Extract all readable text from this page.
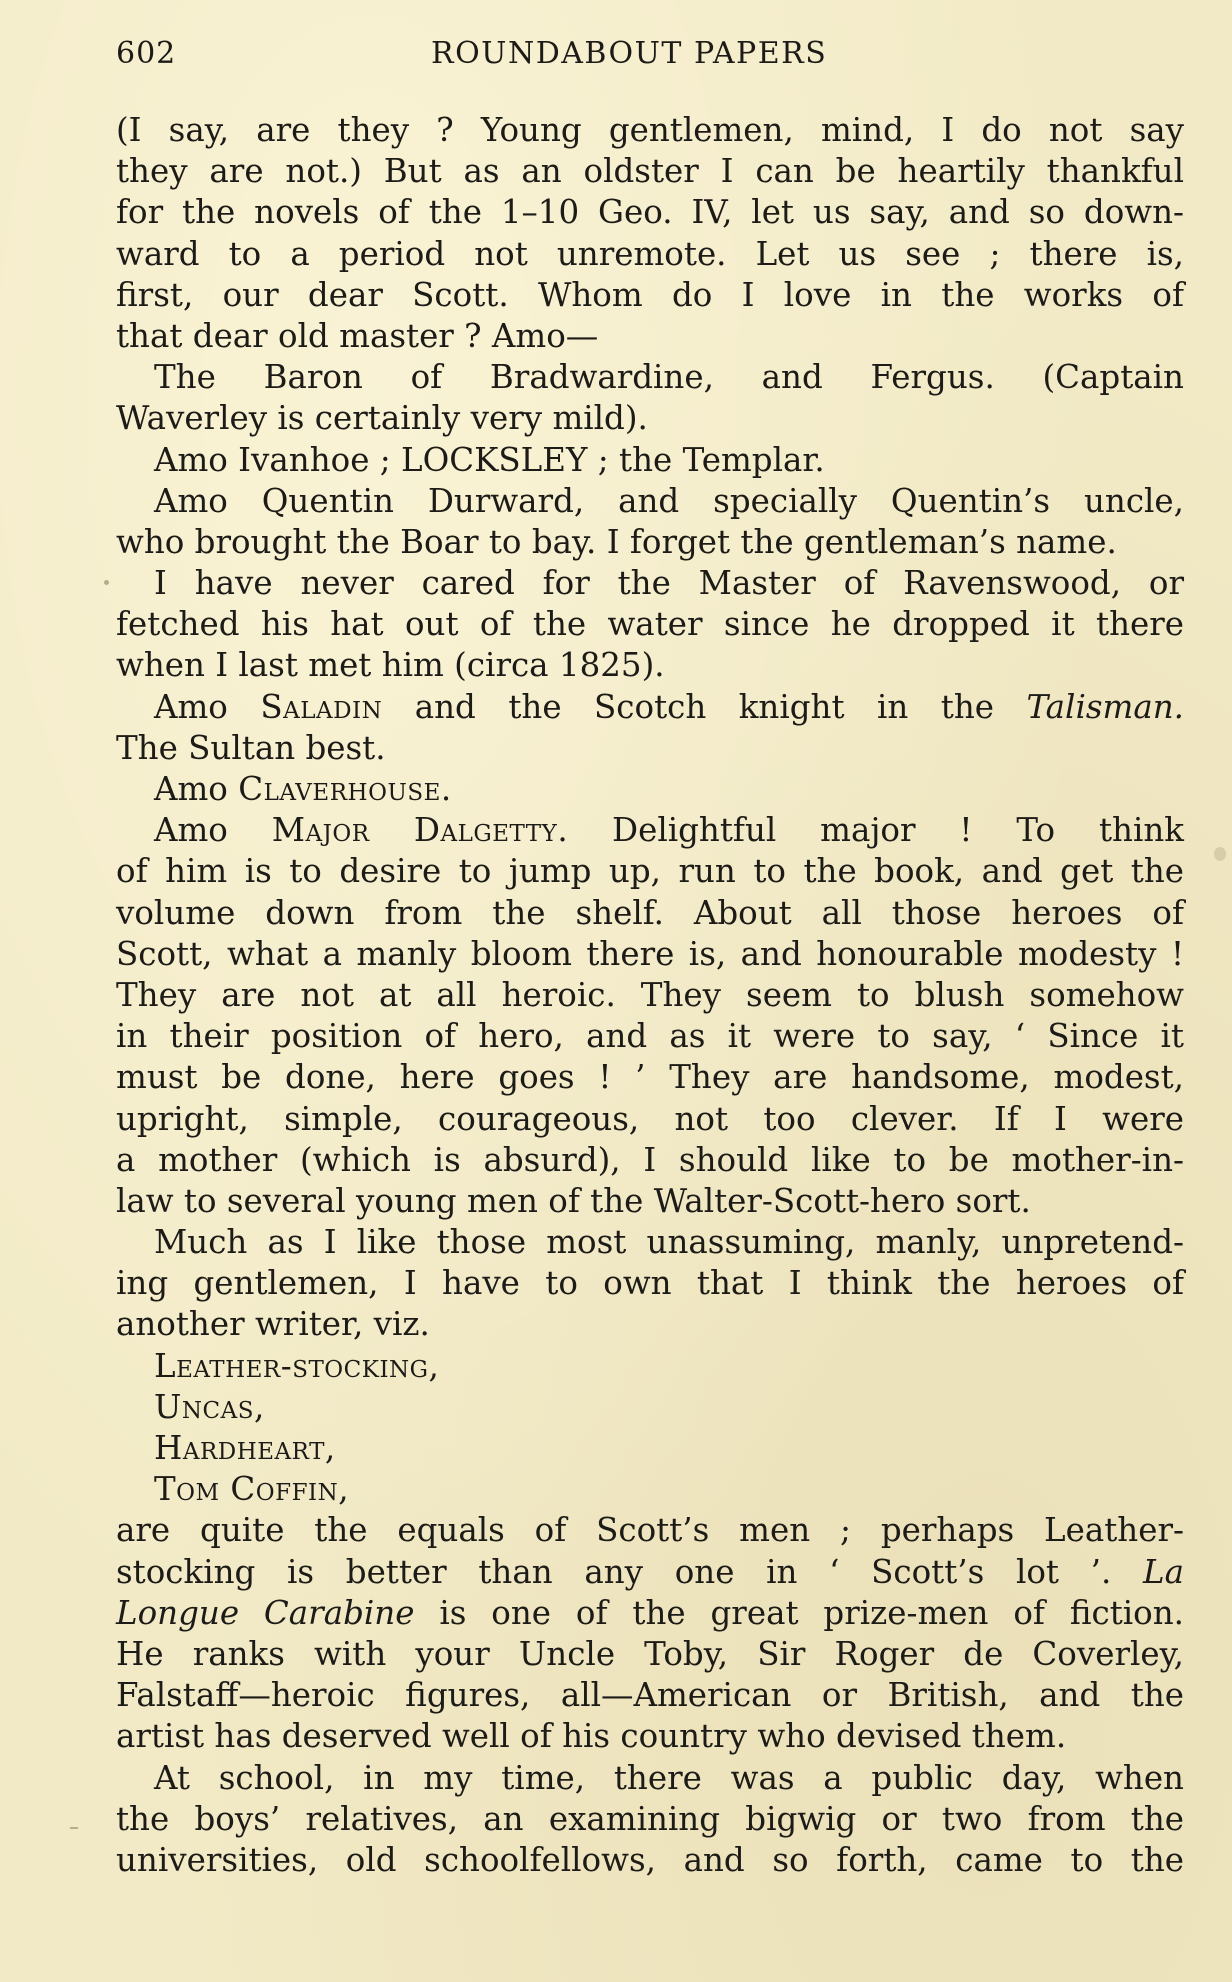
602	ROUNDABOUT PAPERS
(I say, are they ? Young gentlemen, mind, I do not say
they are not.) But as an oldster I can be heartily thankful
for the novels of the 1–10 Geo. IV, let us say, and so down-
ward to a period not unremote. Let us see ; there is,
first, our dear Scott. Whom do I love in the works of
that dear old master ? Amo—
The Baron of Bradwardine, and Fergus. (Captain
Waverley is certainly very mild).
Amo Ivanhoe ; LOCKSLEY ; the Templar.
Amo Quentin Durward, and specially Quentin’s uncle,
who brought the Boar to bay. I forget the gentleman’s name.
I have never cared for the Master of Ravenswood, or
fetched his hat out of the water since he dropped it there
when I last met him (circa 1825).
Amo Saladin and the Scotch knight in the Talisman.
The Sultan best.
Amo Claverhouse.
Amo Major Dalgetty. Delightful major ! To think
of him is to desire to jump up, run to the book, and get the
volume down from the shelf. About all those heroes of
Scott, what a manly bloom there is, and honourable modesty !
They are not at all heroic. They seem to blush somehow
in their position of hero, and as it were to say, ‘ Since it
must be done, here goes ! ’ They are handsome, modest,
upright, simple, courageous, not too clever. If I were
a mother (which is absurd), I should like to be mother-in-
law to several young men of the Walter-Scott-hero sort.
Much as I like those most unassuming, manly, unpretend-
ing gentlemen, I have to own that I think the heroes of
another writer, viz.
Leather-stocking,
Uncas,
Hardheart,
Tom Coffin,
are quite the equals of Scott’s men ; perhaps Leather-
stocking is better than any one in ‘ Scott’s lot ’. La
Longue Carabine is one of the great prize-men of fiction.
He ranks with your Uncle Toby, Sir Roger de Coverley,
Falstaff—heroic figures, all—American or British, and the
artist has deserved well of his country who devised them.
At school, in my time, there was a public day, when
the boys’ relatives, an examining bigwig or two from the
universities, old schoolfellows, and so forth, came to the
